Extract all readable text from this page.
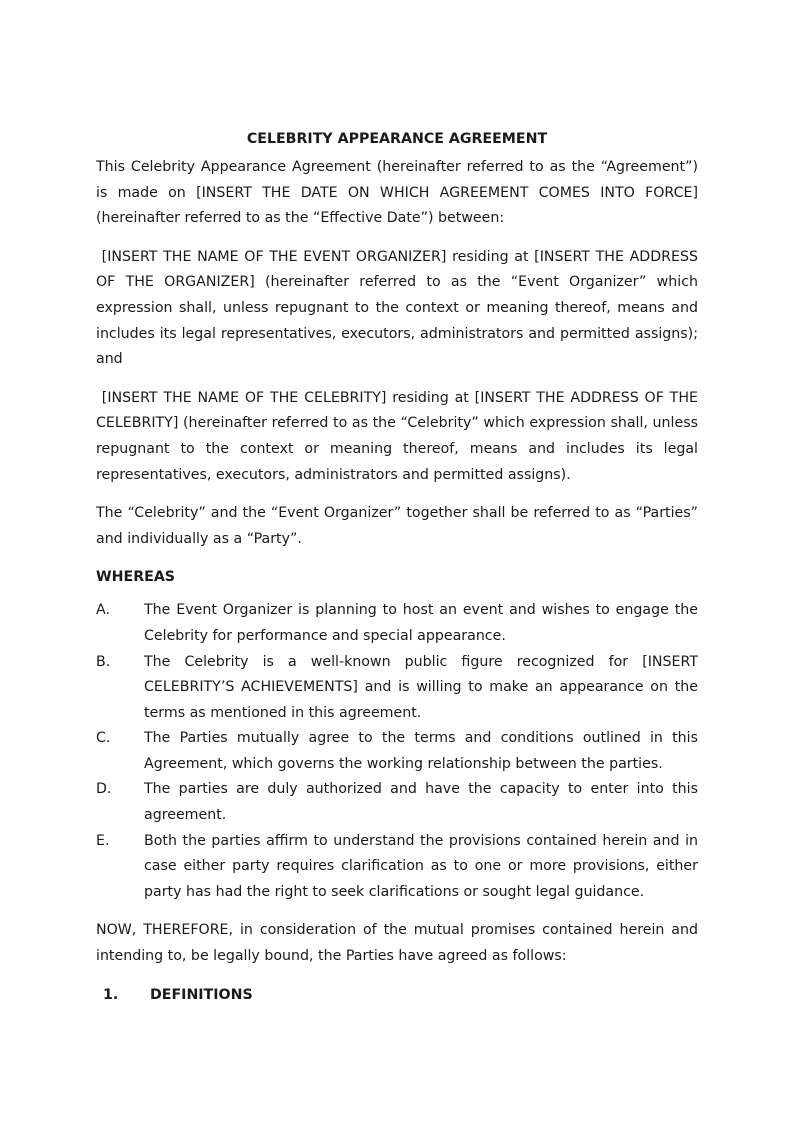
CELEBRITY APPEARANCE AGREEMENT

This Celebrity Appearance Agreement (hereinafter referred to as the “Agreement”) is made on [INSERT THE DATE ON WHICH AGREEMENT COMES INTO FORCE] (hereinafter referred to as the “Effective Date”) between:

[INSERT THE NAME OF THE EVENT ORGANIZER] residing at [INSERT THE ADDRESS OF THE ORGANIZER] (hereinafter referred to as the “Event Organizer” which expression shall, unless repugnant to the context or meaning thereof, means and includes its legal representatives, executors, administrators and permitted assigns); and

[INSERT THE NAME OF THE CELEBRITY] residing at [INSERT THE ADDRESS OF THE CELEBRITY] (hereinafter referred to as the “Celebrity” which expression shall, unless repugnant to the context or meaning thereof, means and includes its legal representatives, executors, administrators and permitted assigns).

The “Celebrity” and the “Event Organizer” together shall be referred to as “Parties” and individually as a “Party”.

WHEREAS
A.	The Event Organizer is planning to host an event and wishes to engage the Celebrity for performance and special appearance.
B.	The Celebrity is a well-known public figure recognized for [INSERT CELEBRITY’S ACHIEVEMENTS] and is willing to make an appearance on the terms as mentioned in this agreement.
C.	The Parties mutually agree to the terms and conditions outlined in this Agreement, which governs the working relationship between the parties.
D.	The parties are duly authorized and have the capacity to enter into this agreement.
E.	Both the parties affirm to understand the provisions contained herein and in case either party requires clarification as to one or more provisions, either party has had the right to seek clarifications or sought legal guidance.

NOW, THEREFORE, in consideration of the mutual promises contained herein and intending to, be legally bound, the Parties have agreed as follows:

1.	DEFINITIONS
